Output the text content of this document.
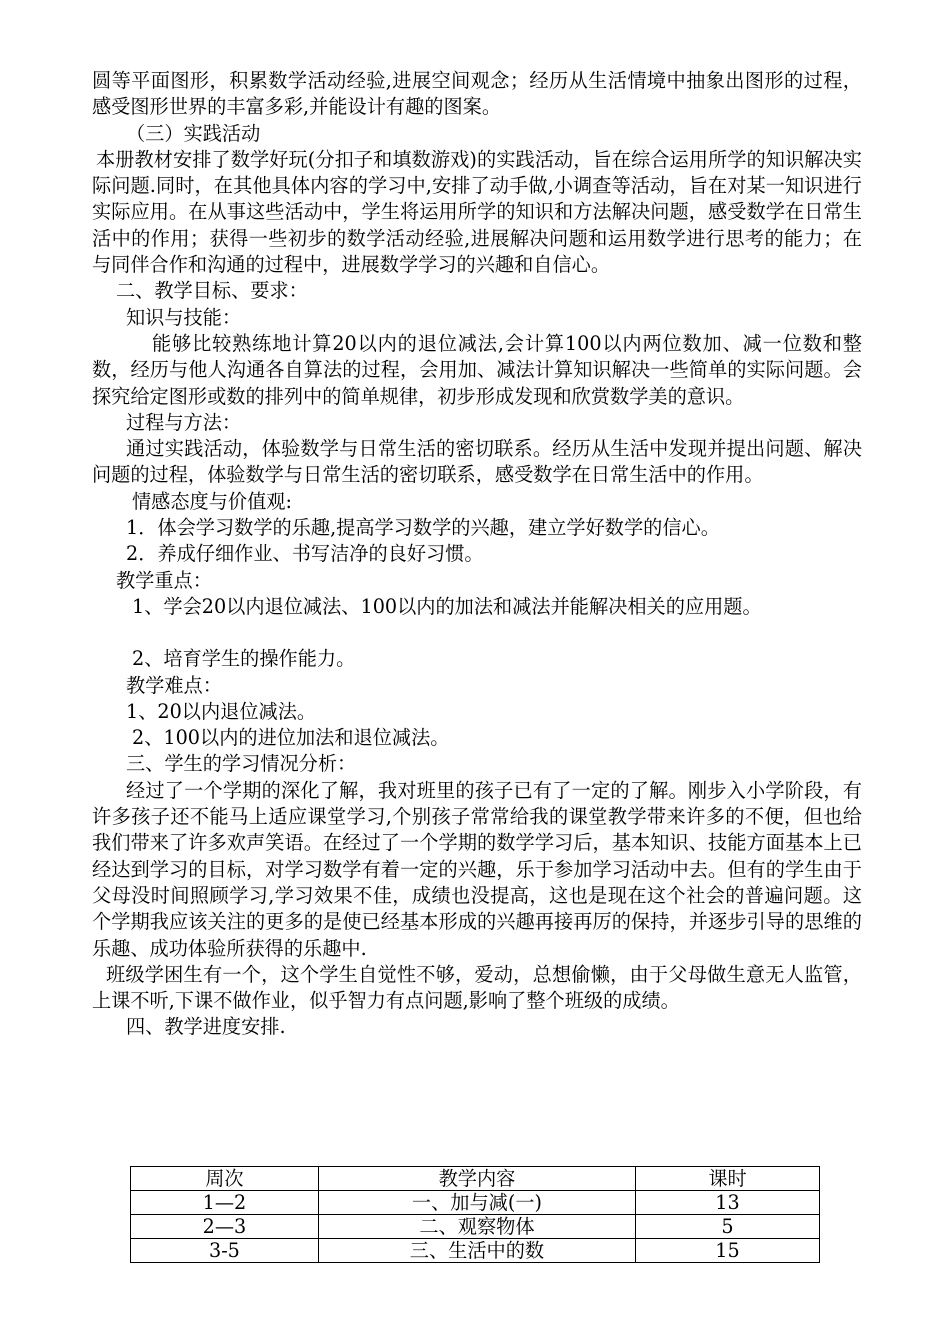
圆等平面图形，积累数学活动经验,进展空间观念；经历从生活情境中抽象出图形的过程，感受图形世界的丰富多彩,并能设计有趣的图案。

（三）实践活动

本册教材安排了数学好玩(分扣子和填数游戏)的实践活动，旨在综合运用所学的知识解决实际问题.同时，在其他具体内容的学习中,安排了动手做,小调查等活动，旨在对某一知识进行实际应用。在从事这些活动中，学生将运用所学的知识和方法解决问题，感受数学在日常生活中的作用；获得一些初步的数学活动经验,进展解决问题和运用数学进行思考的能力；在与同伴合作和沟通的过程中，进展数学学习的兴趣和自信心。

二、教学目标、要求：

知识与技能：

能够比较熟练地计算20以内的退位减法,会计算100以内两位数加、减一位数和整数，经历与他人沟通各自算法的过程，会用加、减法计算知识解决一些简单的实际问题。会探究给定图形或数的排列中的简单规律，初步形成发现和欣赏数学美的意识。

过程与方法：

通过实践活动，体验数学与日常生活的密切联系。经历从生活中发现并提出问题、解决问题的过程，体验数学与日常生活的密切联系，感受数学在日常生活中的作用。

情感态度与价值观:

1．体会学习数学的乐趣,提高学习数学的兴趣，建立学好数学的信心。

2．养成仔细作业、书写洁净的良好习惯。

教学重点：

1、学会20以内退位减法、100以内的加法和减法并能解决相关的应用题。

2、培育学生的操作能力。

教学难点：

1、20以内退位减法。

2、100以内的进位加法和退位减法。

三、学生的学习情况分析：

经过了一个学期的深化了解，我对班里的孩子已有了一定的了解。刚步入小学阶段，有许多孩子还不能马上适应课堂学习,个别孩子常常给我的课堂教学带来许多的不便，但也给我们带来了许多欢声笑语。在经过了一个学期的数学学习后，基本知识、技能方面基本上已经达到学习的目标，对学习数学有着一定的兴趣，乐于参加学习活动中去。但有的学生由于父母没时间照顾学习,学习效果不佳，成绩也没提高，这也是现在这个社会的普遍问题。这个学期我应该关注的更多的是使已经基本形成的兴趣再接再厉的保持，并逐步引导的思维的乐趣、成功体验所获得的乐趣中.

班级学困生有一个，这个学生自觉性不够，爱动，总想偷懒，由于父母做生意无人监管，上课不听,下课不做作业，似乎智力有点问题,影响了整个班级的成绩。

四、教学进度安排.

周次	教学内容	课时
1—2	一、加与减(一)	13
2—3	二、观察物体	5
3-5	三、生活中的数	15
